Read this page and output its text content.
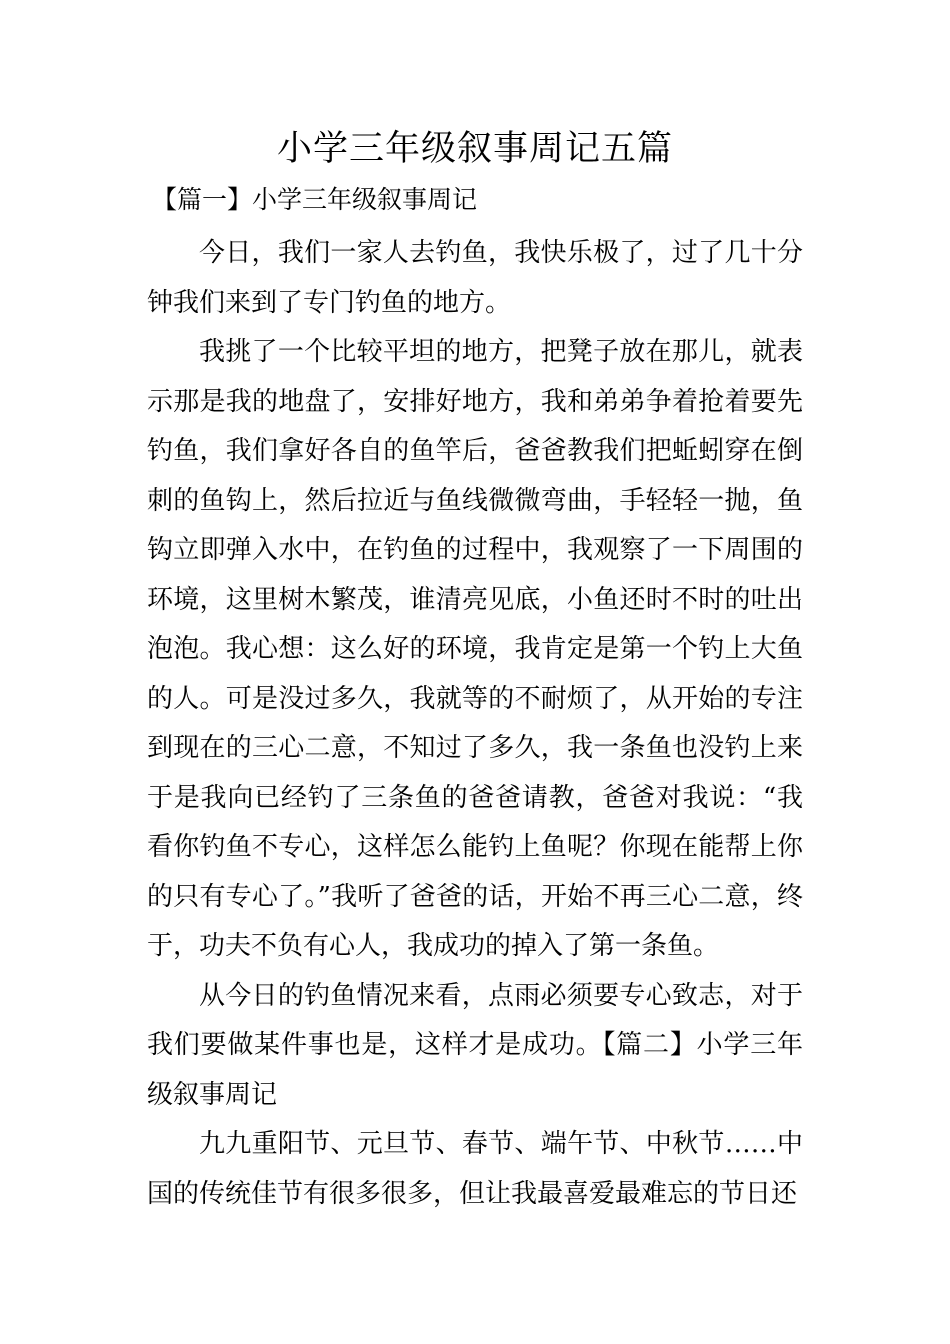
小学三年级叙事周记五篇
【篇一】小学三年级叙事周记

今日，我们一家人去钓鱼，我快乐极了，过了几十分钟我们来到了专门钓鱼的地方。

我挑了一个比较平坦的地方，把凳子放在那儿，就表示那是我的地盘了，安排好地方，我和弟弟争着抢着要先钓鱼，我们拿好各自的鱼竿后，爸爸教我们把蚯蚓穿在倒刺的鱼钩上，然后拉近与鱼线微微弯曲，手轻轻一抛，鱼钩立即弹入水中，在钓鱼的过程中，我观察了一下周围的环境，这里树木繁茂，谁清亮见底，小鱼还时不时的吐出泡泡。我心想：这么好的环境，我肯定是第一个钓上大鱼的人。可是没过多久，我就等的不耐烦了，从开始的专注到现在的三心二意，不知过了多久，我一条鱼也没钓上来于是我向已经钓了三条鱼的爸爸请教，爸爸对我说：“我看你钓鱼不专心，这样怎么能钓上鱼呢？你现在能帮上你的只有专心了。”我听了爸爸的话，开始不再三心二意，终于，功夫不负有心人，我成功的掉入了第一条鱼。

从今日的钓鱼情况来看，点雨必须要专心致志，对于我们要做某件事也是，这样才是成功。【篇二】小学三年级叙事周记

九九重阳节、元旦节、春节、端午节、中秋节……中国的传统佳节有很多很多，但让我最喜爱最难忘的节日还
